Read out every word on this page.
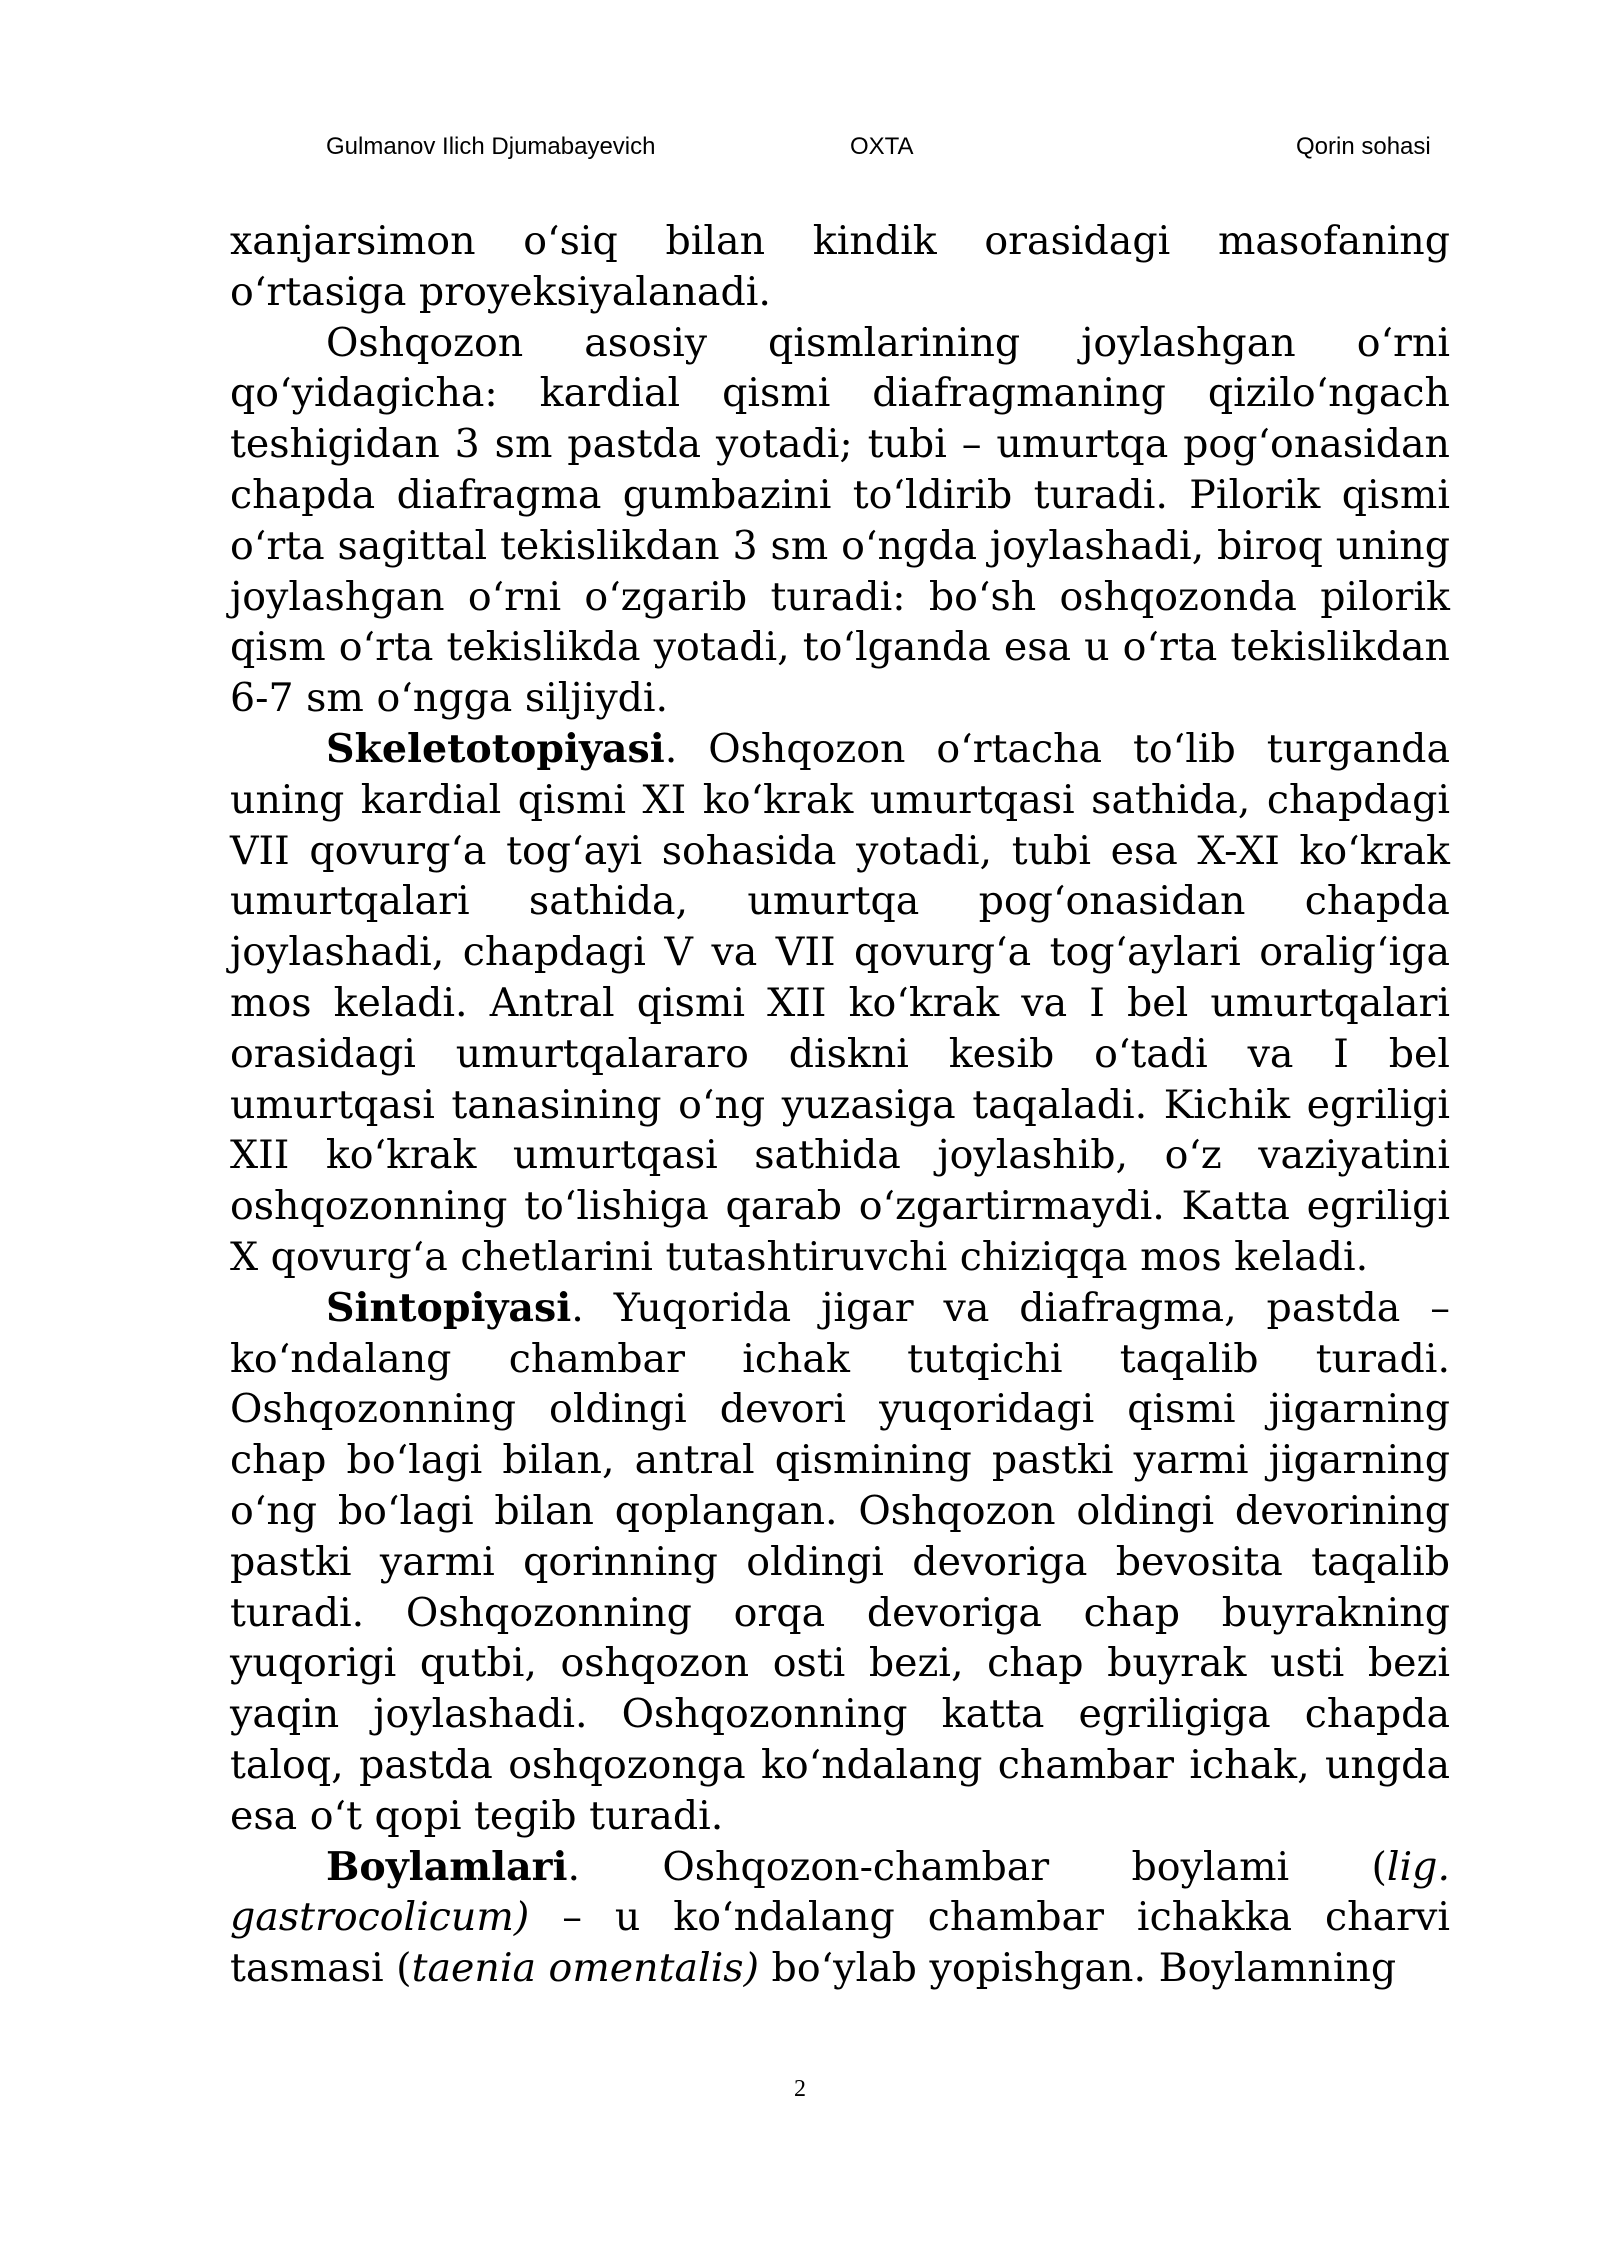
Gulmanov Ilich Djumabayevich	OXTA	Qorin sohasi

xanjarsimon o‘siq bilan kindik orasidagi masofaning o‘rtasiga proyeksiyalanadi.

Oshqozon asosiy qismlarining joylashgan o‘rni qo‘yidagicha: kardial qismi diafragmaning qizilo‘ngach teshigidan 3 sm pastda yotadi; tubi – umurtqa pog‘onasidan chapda diafragma gumbazini to‘ldirib turadi. Pilorik qismi o‘rta sagittal tekislikdan 3 sm o‘ngda joylashadi, biroq uning joylashgan o‘rni o‘zgarib turadi: bo‘sh oshqozonda pilorik qism o‘rta tekislikda yotadi, to‘lganda esa u o‘rta tekislikdan 6-7 sm o‘ngga siljiydi.

Skeletotopiyasi. Oshqozon o‘rtacha to‘lib turganda uning kardial qismi XI ko‘krak umurtqasi sathida, chapdagi VII qovurg‘a tog‘ayi sohasida yotadi, tubi esa X-XI ko‘krak umurtqalari sathida, umurtqa pog‘onasidan chapda joylashadi, chapdagi V va VII qovurg‘a tog‘aylari oralig‘iga mos keladi. Antral qismi XII ko‘krak va I bel umurtqalari orasidagi umurtqalararo diskni kesib o‘tadi va I bel umurtqasi tanasining o‘ng yuzasiga taqaladi. Kichik egriligi XII ko‘krak umurtqasi sathida joylashib, o‘z vaziyatini oshqozonning to‘lishiga qarab o‘zgartirmaydi. Katta egriligi X qovurg‘a chetlarini tutashtiruvchi chiziqqa mos keladi.

Sintopiyasi. Yuqorida jigar va diafragma, pastda – ko‘ndalang chambar ichak tutqichi taqalib turadi. Oshqozonning oldingi devori yuqoridagi qismi jigarning chap bo‘lagi bilan, antral qismining pastki yarmi jigarning o‘ng bo‘lagi bilan qoplangan. Oshqozon oldingi devorining pastki yarmi qorinning oldingi devoriga bevosita taqalib turadi. Oshqozonning orqa devoriga chap buyrakning yuqorigi qutbi, oshqozon osti bezi, chap buyrak usti bezi yaqin joylashadi. Oshqozonning katta egriligiga chapda taloq, pastda oshqozonga ko‘ndalang chambar ichak, ungda esa o‘t qopi tegib turadi.

Boylamlari. Oshqozon-chambar boylami (lig. gastrocolicum) – u ko‘ndalang chambar ichakka charvi tasmasi (taenia omentalis) bo‘ylab yopishgan. Boylamning

2
